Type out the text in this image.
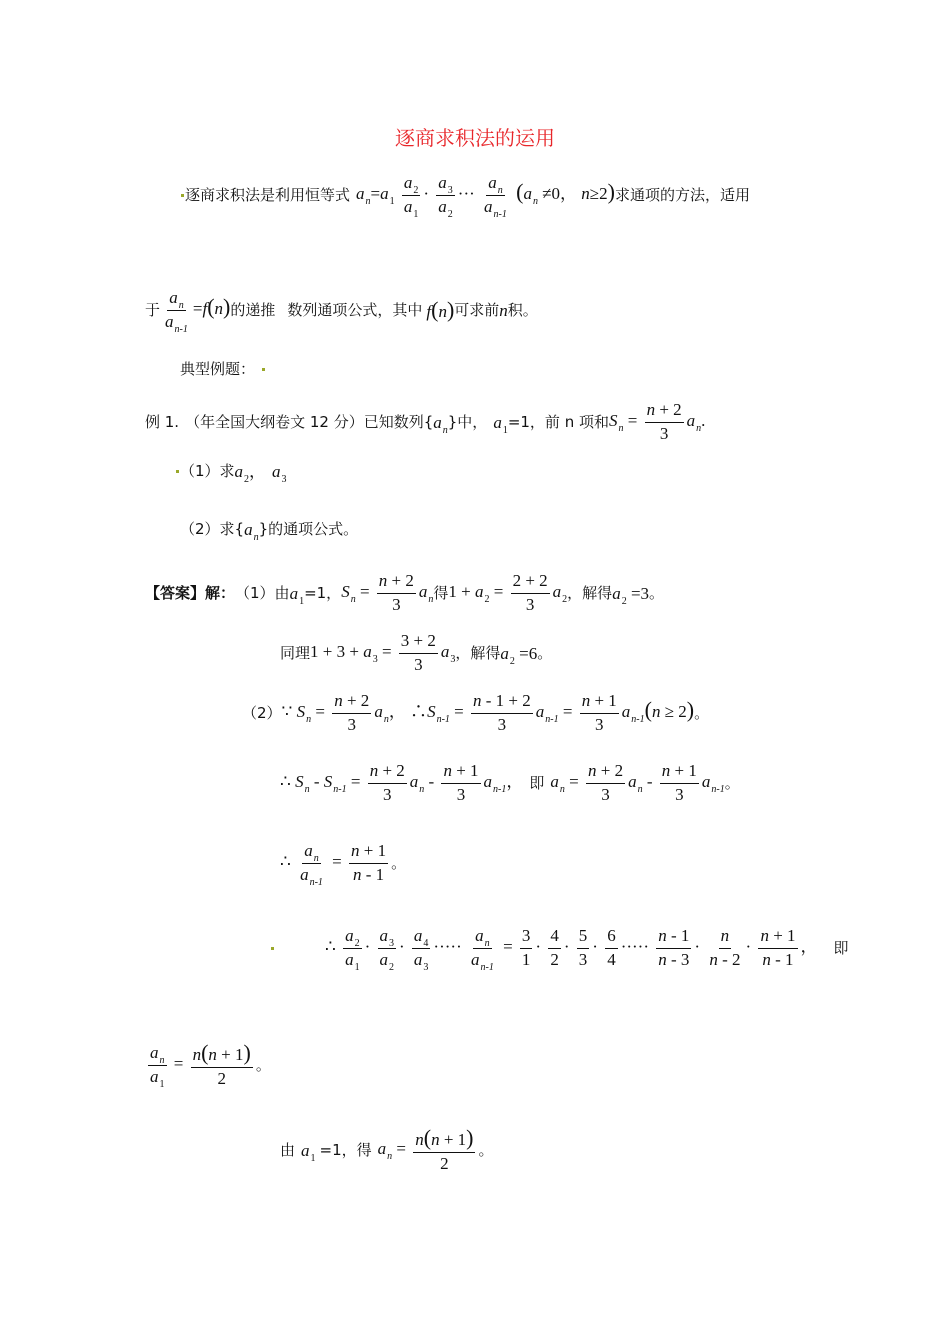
逐商求积法的运用
逐商求积法是利用恒等式 $a_n=a_1 \frac{a_2}{a_1} \cdot \frac{a_3}{a_2}$ ··· $\frac{a_n}{a_{n-1}} (a_n \ne 0$， n≥2) 求通项的方法，适用
于 $\frac{a_n}{a_{n-1}} =f(n)$ 的递推 数列通项公式，其中 f(n) 可求前 n 积。
典型例题：
例 1. （年全国大纲卷文 12 分）已知数列{ $a_n$ }中， $a_1 =1$，前 n 项和 $S_n = \frac{n + 2}{3} a_n$.
（1）求 $a_2$， $a_3$
（2）求{ $a_n$ }的通项公式。
【答案】解： （1）由 $a_1 =1$， $S_n = \frac{n + 2}{3} a_n$ 得 $1 + a_2 = \frac{2 + 2}{3} a_2$ ，解得 $a_2 =3$ 。
同理 $1 + 3 + a_3 = \frac{3 + 2}{3} a_3$ ，解得 $a_2 =6$ 。
（2） ∵ $S_n = \frac{n + 2}{3} a_n$， $\therefore S_{n-1} = \frac{n - 1 + 2}{3} a_{n-1} = \frac{n + 1}{3} a_{n-1}(n \ge 2)$ 。
∴ $S_n - S_{n-1} = \frac{n + 2}{3} a_n - \frac{n + 1}{3} a_{n-1}$， 即 $a_n = \frac{n + 2}{3} a_n - \frac{n + 1}{3} a_{n-1}$ 。
∴ $\frac{a_n}{a_{n-1}} = \frac{n + 1}{n - 1}$ 。
∴ $\frac{a_2}{a_1} \cdot \frac{a_3}{a_2} \cdot \frac{a_4}{a_3}$ ····· $\frac{a_n}{a_{n-1}} = \frac{3}{1} \cdot \frac{4}{2} \cdot \frac{5}{3} \cdot \frac{6}{4}$ ····· $\frac{n - 1}{n - 3} \cdot \frac{n}{n - 2} \cdot \frac{n + 1}{n - 1}$ ， 即
$\frac{a_n}{a_1} = \frac{n(n + 1)}{2}$ 。
由 $a_1 =1$，得 $a_n = \frac{n(n + 1)}{2}$ 。
